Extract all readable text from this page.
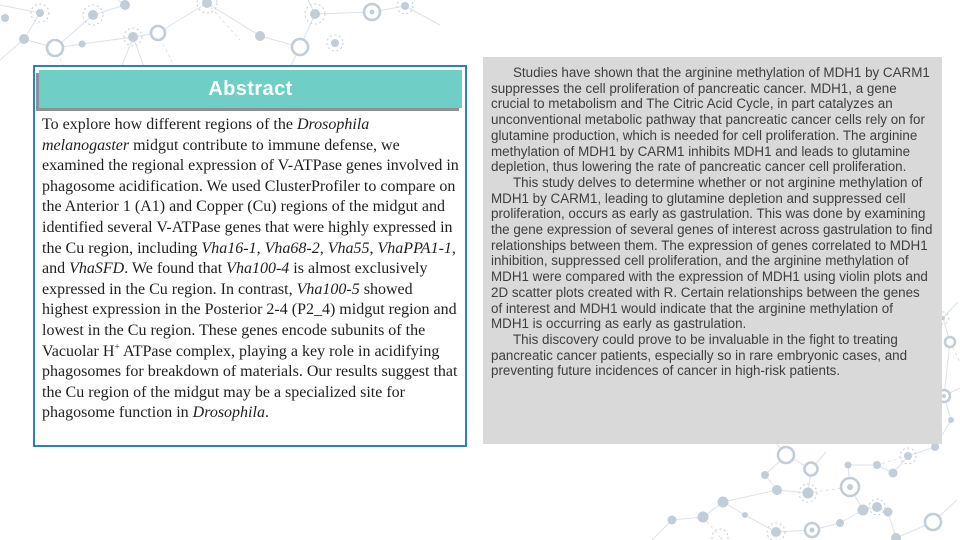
Abstract
To explore how different regions of the Drosophila melanogaster midgut contribute to immune defense, we examined the regional expression of V-ATPase genes involved in phagosome acidification. We used ClusterProfiler to compare on the Anterior 1 (A1) and Copper (Cu) regions of the midgut and identified several V-ATPase genes that were highly expressed in the Cu region, including Vha16-1, Vha68-2, Vha55, VhaPPA1-1, and VhaSFD. We found that Vha100-4 is almost exclusively expressed in the Cu region. In contrast, Vha100-5 showed highest expression in the Posterior 2-4 (P2_4) midgut region and lowest in the Cu region. These genes encode subunits of the Vacuolar H+ ATPase complex, playing a key role in acidifying phagosomes for breakdown of materials. Our results suggest that the Cu region of the midgut may be a specialized site for phagosome function in Drosophila.

Studies have shown that the arginine methylation of MDH1 by CARM1 suppresses the cell proliferation of pancreatic cancer. MDH1, a gene crucial to metabolism and The Citric Acid Cycle, in part catalyzes an unconventional metabolic pathway that pancreatic cancer cells rely on for glutamine production, which is needed for cell proliferation. The arginine methylation of MDH1 by CARM1 inhibits MDH1 and leads to glutamine depletion, thus lowering the rate of pancreatic cancer cell proliferation.

This study delves to determine whether or not arginine methylation of MDH1 by CARM1, leading to glutamine depletion and suppressed cell proliferation, occurs as early as gastrulation. This was done by examining the gene expression of several genes of interest across gastrulation to find relationships between them. The expression of genes correlated to MDH1 inhibition, suppressed cell proliferation, and the arginine methylation of MDH1 were compared with the expression of MDH1 using violin plots and 2D scatter plots created with R. Certain relationships between the genes of interest and MDH1 would indicate that the arginine methylation of MDH1 is occurring as early as gastrulation.

This discovery could prove to be invaluable in the fight to treating pancreatic cancer patients, especially so in rare embryonic cases, and preventing future incidences of cancer in high-risk patients.
